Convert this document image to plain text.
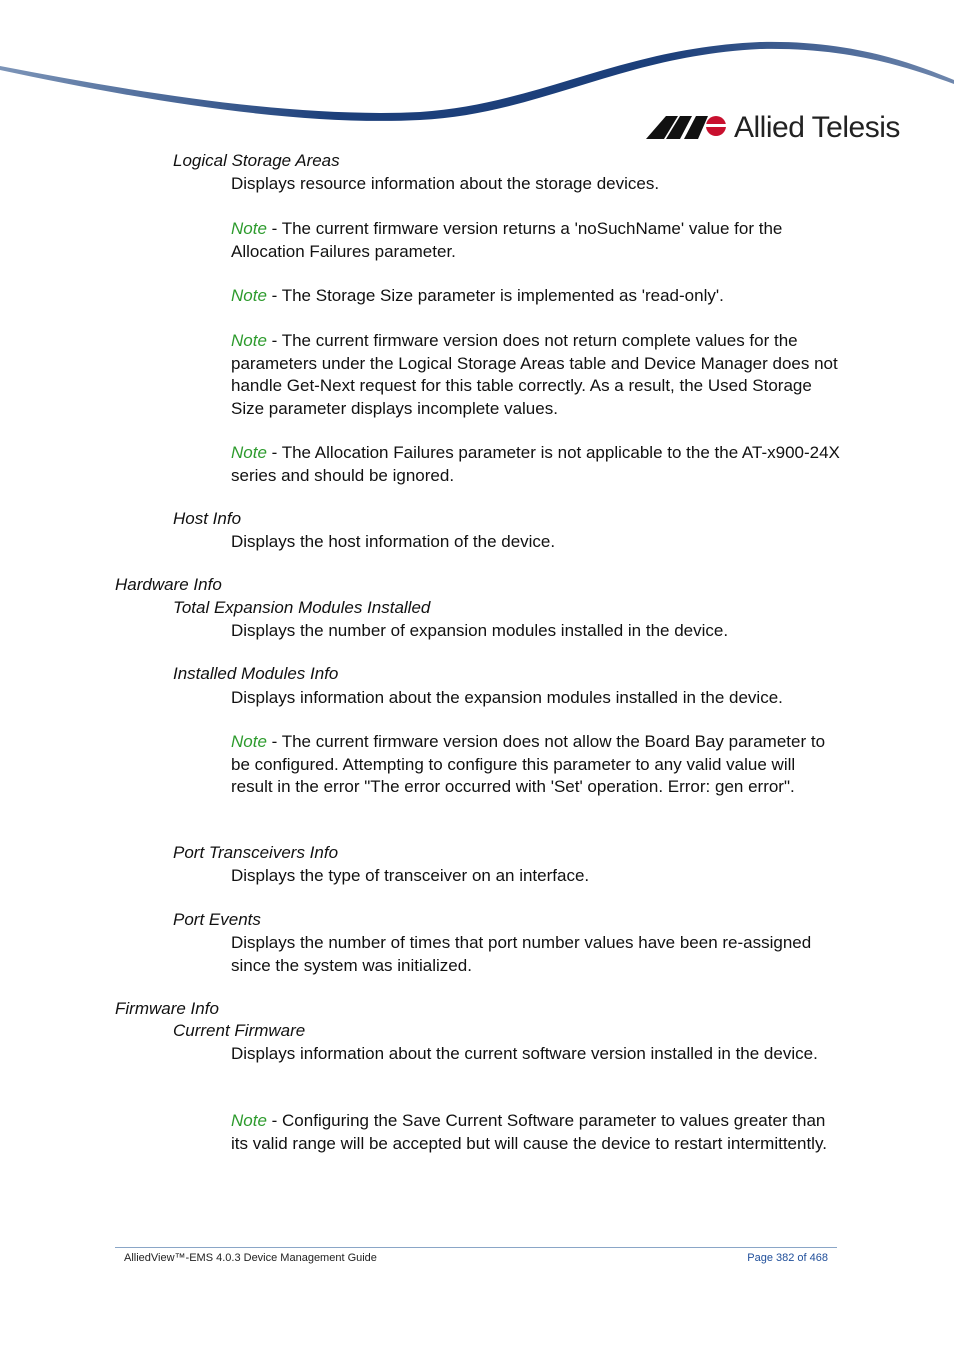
Allied Telesis
Logical Storage Areas
Displays resource information about the storage devices.
Note - The current firmware version returns a 'noSuchName' value for the Allocation Failures parameter.
Note - The Storage Size parameter is implemented as 'read-only'.
Note - The current firmware version does not return complete values for the parameters under the Logical Storage Areas table and Device Manager does not handle Get-Next request for this table correctly. As a result, the Used Storage Size parameter displays incomplete values.
Note - The Allocation Failures parameter is not applicable to the the AT-x900-24X series and should be ignored.
Host Info
Displays the host information of the device.
Hardware Info
Total Expansion Modules Installed
Displays the number of expansion modules installed in the device.
Installed Modules Info
Displays information about the expansion modules installed in the device.
Note - The current firmware version does not allow the Board Bay parameter to be configured. Attempting to configure this parameter to any valid value will result in the error "The error occurred with 'Set' operation. Error: gen error".
Port Transceivers Info
Displays the type of transceiver on an interface.
Port Events
Displays the number of times that port number values have been re-assigned since the system was initialized.
Firmware Info
Current Firmware
Displays information about the current software version installed in the device.
Note - Configuring the Save Current Software parameter to values greater than its valid range will be accepted but will cause the device to restart intermittently.
AlliedView™-EMS 4.0.3 Device Management Guide	Page 382 of 468
